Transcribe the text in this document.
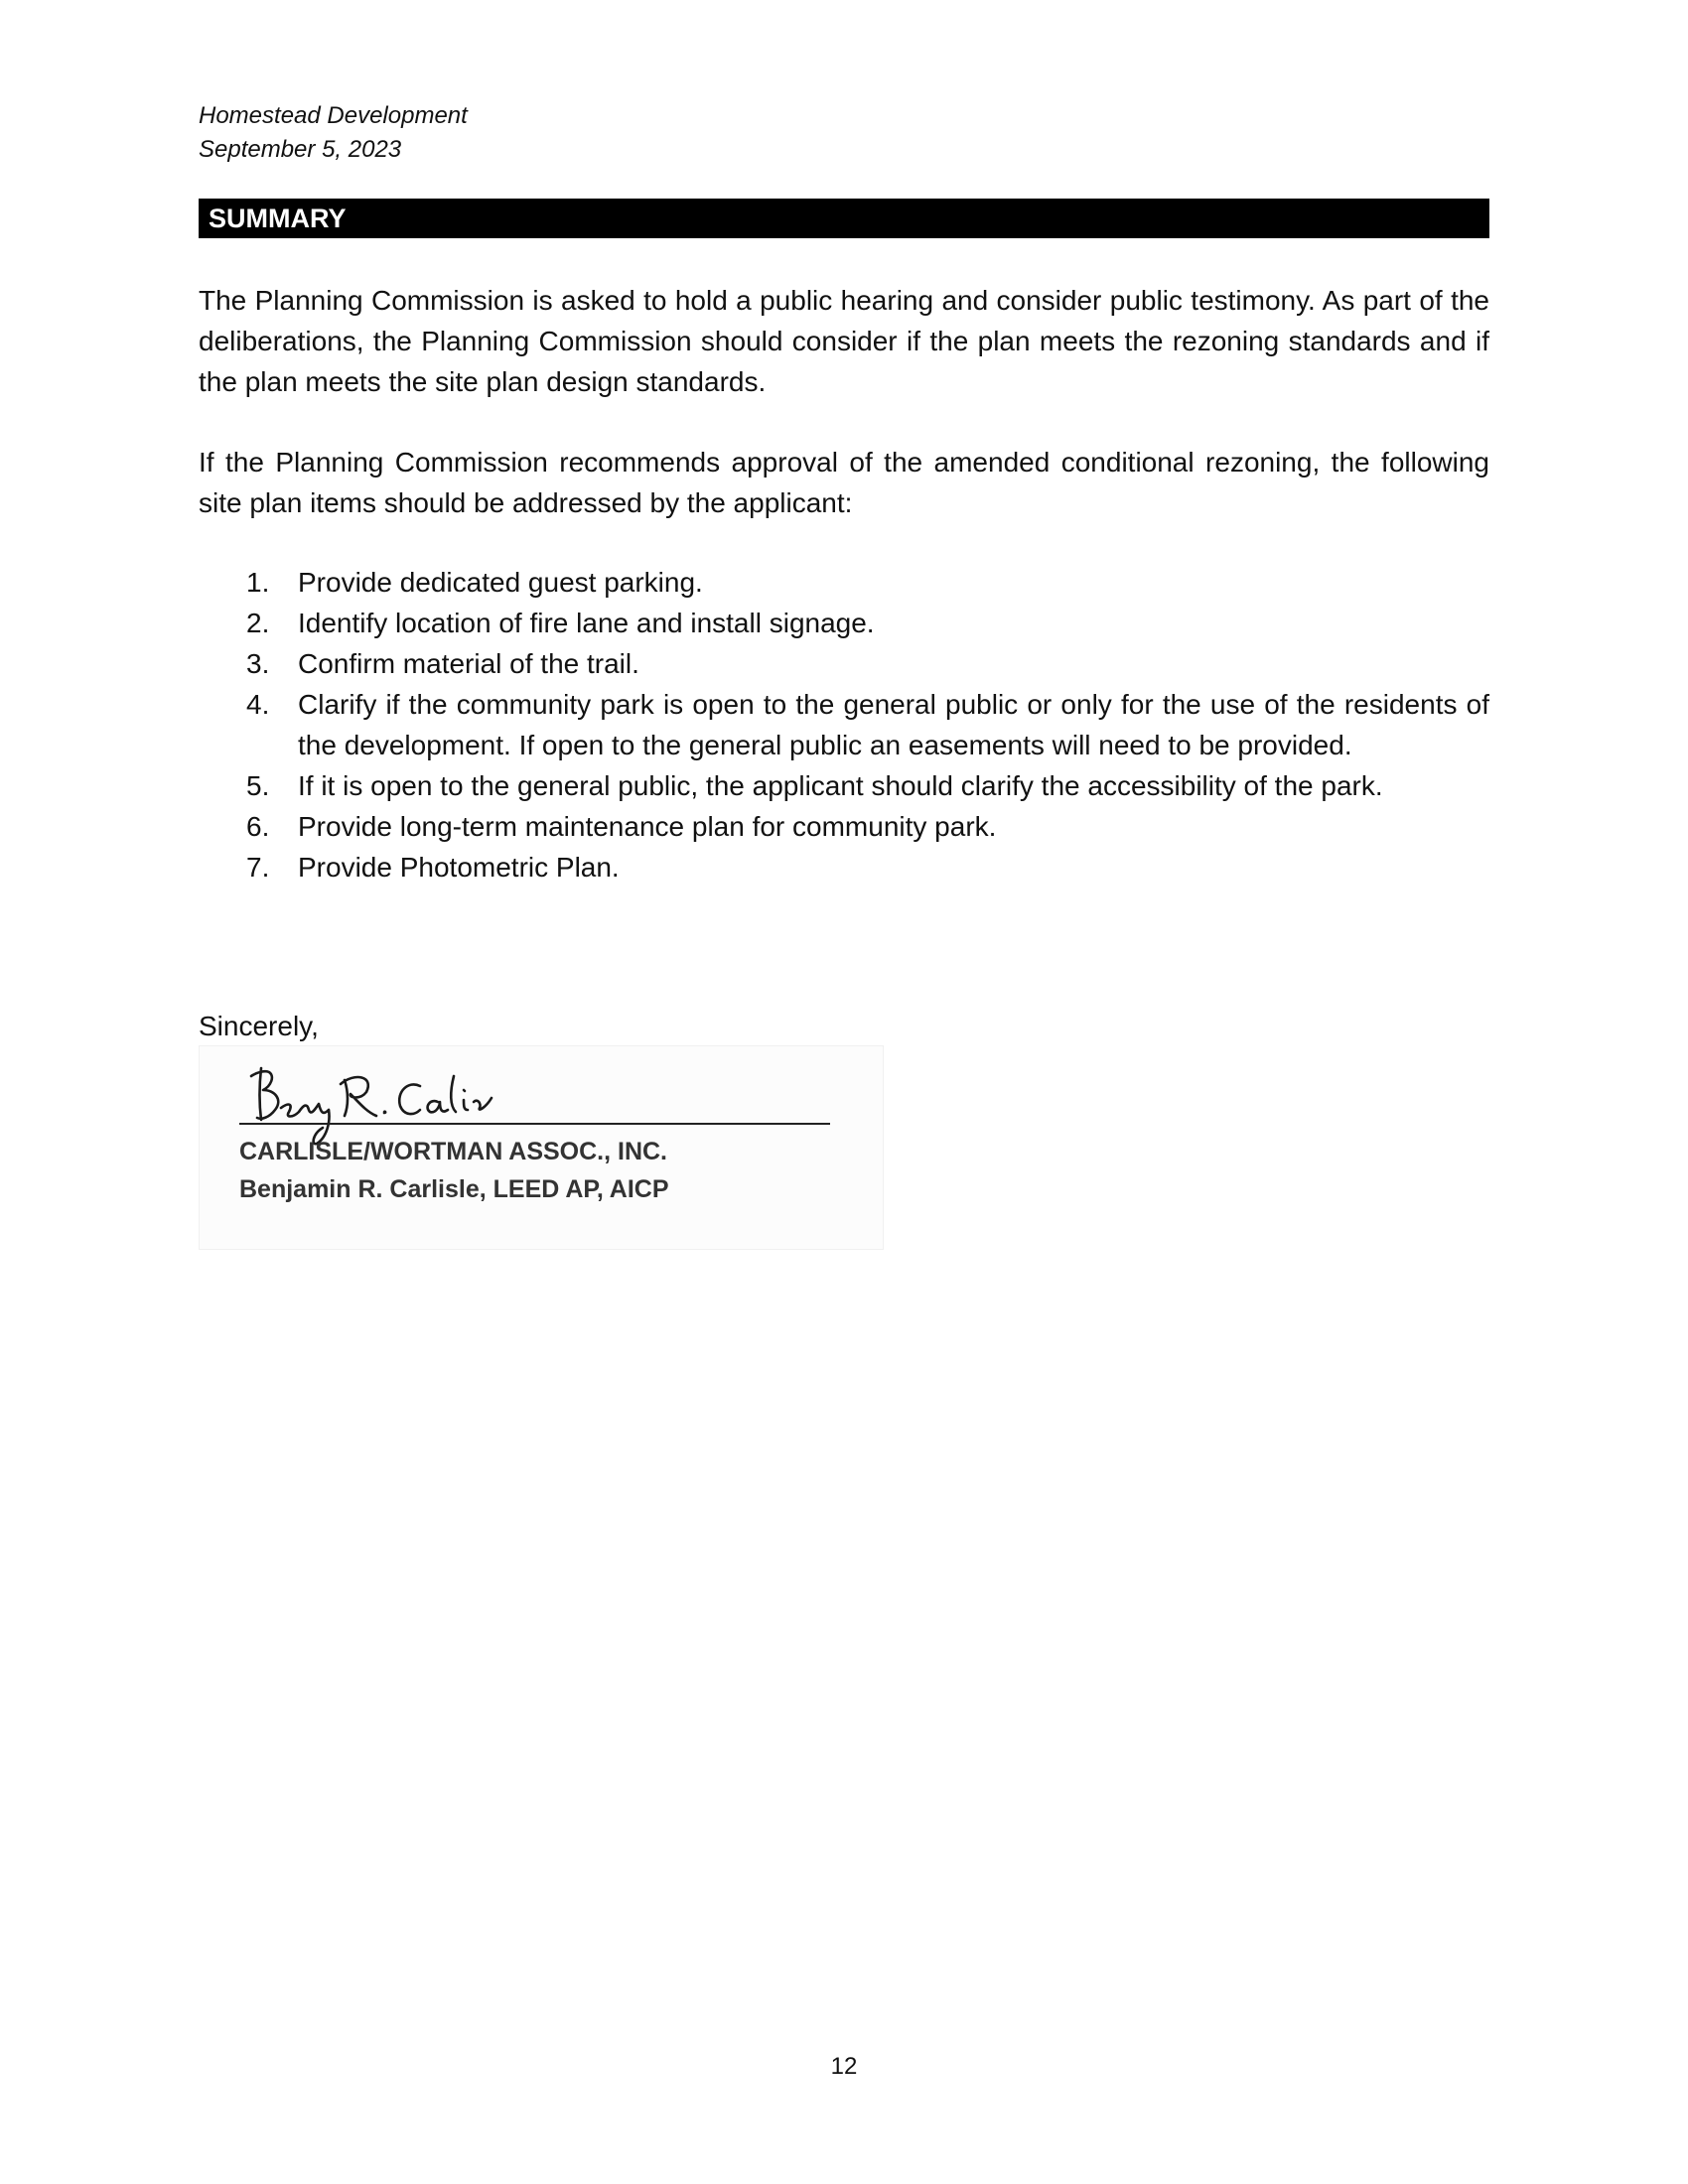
Homestead Development
September 5, 2023
SUMMARY

The Planning Commission is asked to hold a public hearing and consider public testimony. As part of the deliberations, the Planning Commission should consider if the plan meets the rezoning standards and if the plan meets the site plan design standards.

If the Planning Commission recommends approval of the amended conditional rezoning, the following site plan items should be addressed by the applicant:

1. Provide dedicated guest parking.
2. Identify location of fire lane and install signage.
3. Confirm material of the trail.
4. Clarify if the community park is open to the general public or only for the use of the residents of the development. If open to the general public an easements will need to be provided.
5. If it is open to the general public, the applicant should clarify the accessibility of the park.
6. Provide long-term maintenance plan for community park.
7. Provide Photometric Plan.
Sincerely,
CARLISLE/WORTMAN ASSOC., INC.
Benjamin R. Carlisle, LEED AP, AICP
12
